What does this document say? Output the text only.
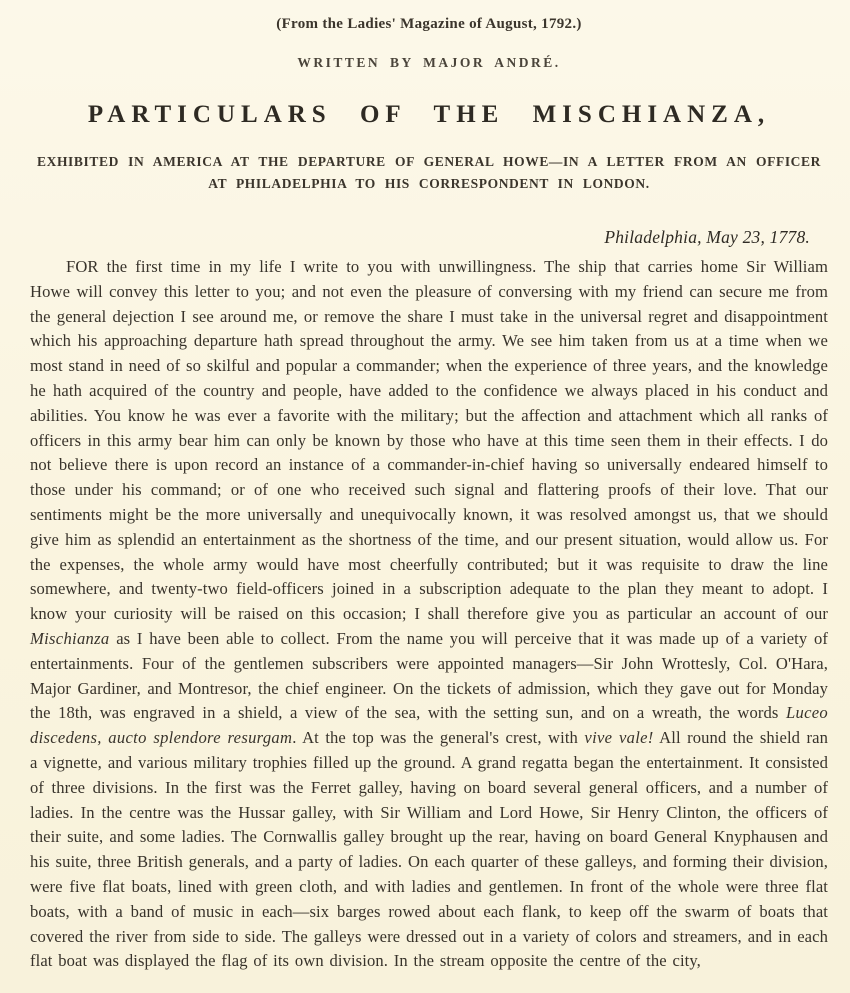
(From the Ladies' Magazine of August, 1792.)
WRITTEN BY MAJOR ANDRÉ.
PARTICULARS OF THE MISCHIANZA,
EXHIBITED IN AMERICA AT THE DEPARTURE OF GENERAL HOWE—IN A LETTER FROM AN OFFICER AT PHILADELPHIA TO HIS CORRESPONDENT IN LONDON.
Philadelphia, May 23, 1778.

FOR the first time in my life I write to you with unwillingness. The ship that carries home Sir William Howe will convey this letter to you; and not even the pleasure of conversing with my friend can secure me from the general dejection I see around me, or remove the share I must take in the universal regret and disappointment which his approaching departure hath spread throughout the army. We see him taken from us at a time when we most stand in need of so skilful and popular a commander; when the experience of three years, and the knowledge he hath acquired of the country and people, have added to the confidence we always placed in his conduct and abilities. You know he was ever a favorite with the military; but the affection and attachment which all ranks of officers in this army bear him can only be known by those who have at this time seen them in their effects. I do not believe there is upon record an instance of a commander-in-chief having so universally endeared himself to those under his command; or of one who received such signal and flattering proofs of their love. That our sentiments might be the more universally and unequivocally known, it was resolved amongst us, that we should give him as splendid an entertainment as the shortness of the time, and our present situation, would allow us. For the expenses, the whole army would have most cheerfully contributed; but it was requisite to draw the line somewhere, and twenty-two field-officers joined in a subscription adequate to the plan they meant to adopt. I know your curiosity will be raised on this occasion; I shall therefore give you as particular an account of our Mischianza as I have been able to collect. From the name you will perceive that it was made up of a variety of entertainments. Four of the gentlemen subscribers were appointed managers—Sir John Wrottesly, Col. O'Hara, Major Gardiner, and Montresor, the chief engineer. On the tickets of admission, which they gave out for Monday the 18th, was engraved in a shield, a view of the sea, with the setting sun, and on a wreath, the words Luceo discedens, aucto splendore resurgam. At the top was the general's crest, with vive vale! All round the shield ran a vignette, and various military trophies filled up the ground. A grand regatta began the entertainment. It consisted of three divisions. In the first was the Ferret galley, having on board several general officers, and a number of ladies. In the centre was the Hussar galley, with Sir William and Lord Howe, Sir Henry Clinton, the officers of their suite, and some ladies. The Cornwallis galley brought up the rear, having on board General Knyphausen and his suite, three British generals, and a party of ladies. On each quarter of these galleys, and forming their division, were five flat boats, lined with green cloth, and with ladies and gentlemen. In front of the whole were three flat boats, with a band of music in each—six barges rowed about each flank, to keep off the swarm of boats that covered the river from side to side. The galleys were dressed out in a variety of colors and streamers, and in each flat boat was displayed the flag of its own division. In the stream opposite the centre of the city,
